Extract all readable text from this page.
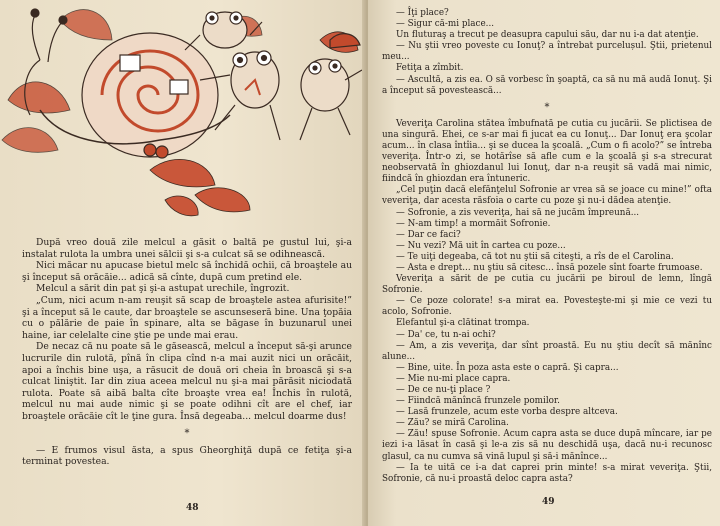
După vreo două zile melcul a găsit o baltă pe gustul lui, şi-a instalat rulota la umbra unei sălcii şi s-a culcat să se odihnească.

Nici măcar nu apucase bietul melc să închidă ochii, că broaştele au şi început să orăcăie... adică să cînte, după cum pretind ele.

Melcul a sărit din pat şi şi-a astupat urechile, îngrozit.

„Cum, nici acum n-am reuşit să scap de broaştele astea afurisite!” şi a început să le caute, dar broaştele se ascunseseră bine. Una ţopăia cu o pălărie de paie în spinare, alta se băgase în buzunarul unei haine, iar celelalte cine ştie pe unde mai erau.

De necaz că nu poate să le găsească, melcul a început să-şi arunce lucrurile din rulotă, pînă în clipa cînd n-a mai auzit nici un orăcăit, apoi a închis bine uşa, a răsucit de două ori cheia în broască şi s-a culcat liniştit. Iar din ziua aceea melcul nu şi-a mai părăsit niciodată rulota. Poate să aibă balta cîte broaşte vrea ea! Închis în rulotă, melcul nu mai aude nimic şi se poate odihni cît are el chef, iar broaştele orăcăie cît le ţine gura. Însă degeaba... melcul doarme dus!

*

— E frumos visul ăsta, a spus Gheorghiţă după ce fetiţa şi-a terminat povestea.

48

— Îţi place?

— Sigur că-mi place...

Un fluturaş a trecut pe deasupra capului său, dar nu i-a dat atenţie.

— Nu ştii vreo poveste cu Ionuţ? a întrebat purcelușul. Ştii, prietenul meu...

Fetiţa a zîmbit.

— Ascultă, a zis ea. O să vorbesc în şoaptă, ca să nu mă audă Ionuţ. Şi a început să povestească...

*

Veveriţa Carolina stătea îmbufnată pe cutia cu jucării. Se plictisea de una singură. Ehei, ce s-ar mai fi jucat ea cu Ionuţ... Dar Ionuţ era şcolar acum... în clasa întîia... şi se ducea la şcoală. „Cum o fi acolo?” se întreba veveriţa. Într-o zi, se hotărîse să afle cum e la şcoală şi s-a strecurat neobservată în ghiozdanul lui Ionuţ, dar n-a reuşit să vadă mai nimic, fiindcă în ghiozdan era întuneric.

„Cel puţin dacă elefănţelul Sofronie ar vrea să se joace cu mine!” ofta veveriţa, dar acesta răsfoia o carte cu poze şi nu-i dădea atenţie.

— Sofronie, a zis veveriţa, hai să ne jucăm împreună...

— N-am timp! a mormăit Sofronie.

— Dar ce faci?

— Nu vezi? Mă uit în cartea cu poze...

— Te uiţi degeaba, că tot nu ştii să citeşti, a rîs de el Carolina.

— Asta e drept... nu ştiu să citesc... însă pozele sînt foarte frumoase.

Veveriţa a sărit de pe cutia cu jucării pe biroul de lemn, lîngă Sofronie.

— Ce poze colorate! s-a mirat ea. Povesteşte-mi şi mie ce vezi tu acolo, Sofronie.

Elefantul şi-a clătinat trompa.

— Da' ce, tu n-ai ochi?

— Am, a zis veveriţa, dar sînt proastă. Eu nu ştiu decît să mănînc alune...

— Bine, uite. În poza asta este o capră. Şi capra...

— Mie nu-mi place capra.

— De ce nu-ţi place ?

— Fiindcă mănîncă frunzele pomilor.

— Lasă frunzele, acum este vorba despre altceva.

— Zău? se miră Carolina.

— Zău! spuse Sofronie. Acum capra asta se duce după mîncare, iar pe iezi i-a lăsat în casă şi le-a zis să nu deschidă uşa, dacă nu-i recunosc glasul, ca nu cumva să vină lupul şi să-i mănînce...

— Ia te uită ce i-a dat caprei prin minte! s-a mirat veveriţa. Ştii, Sofronie, că nu-i proastă deloc capra asta?

49
